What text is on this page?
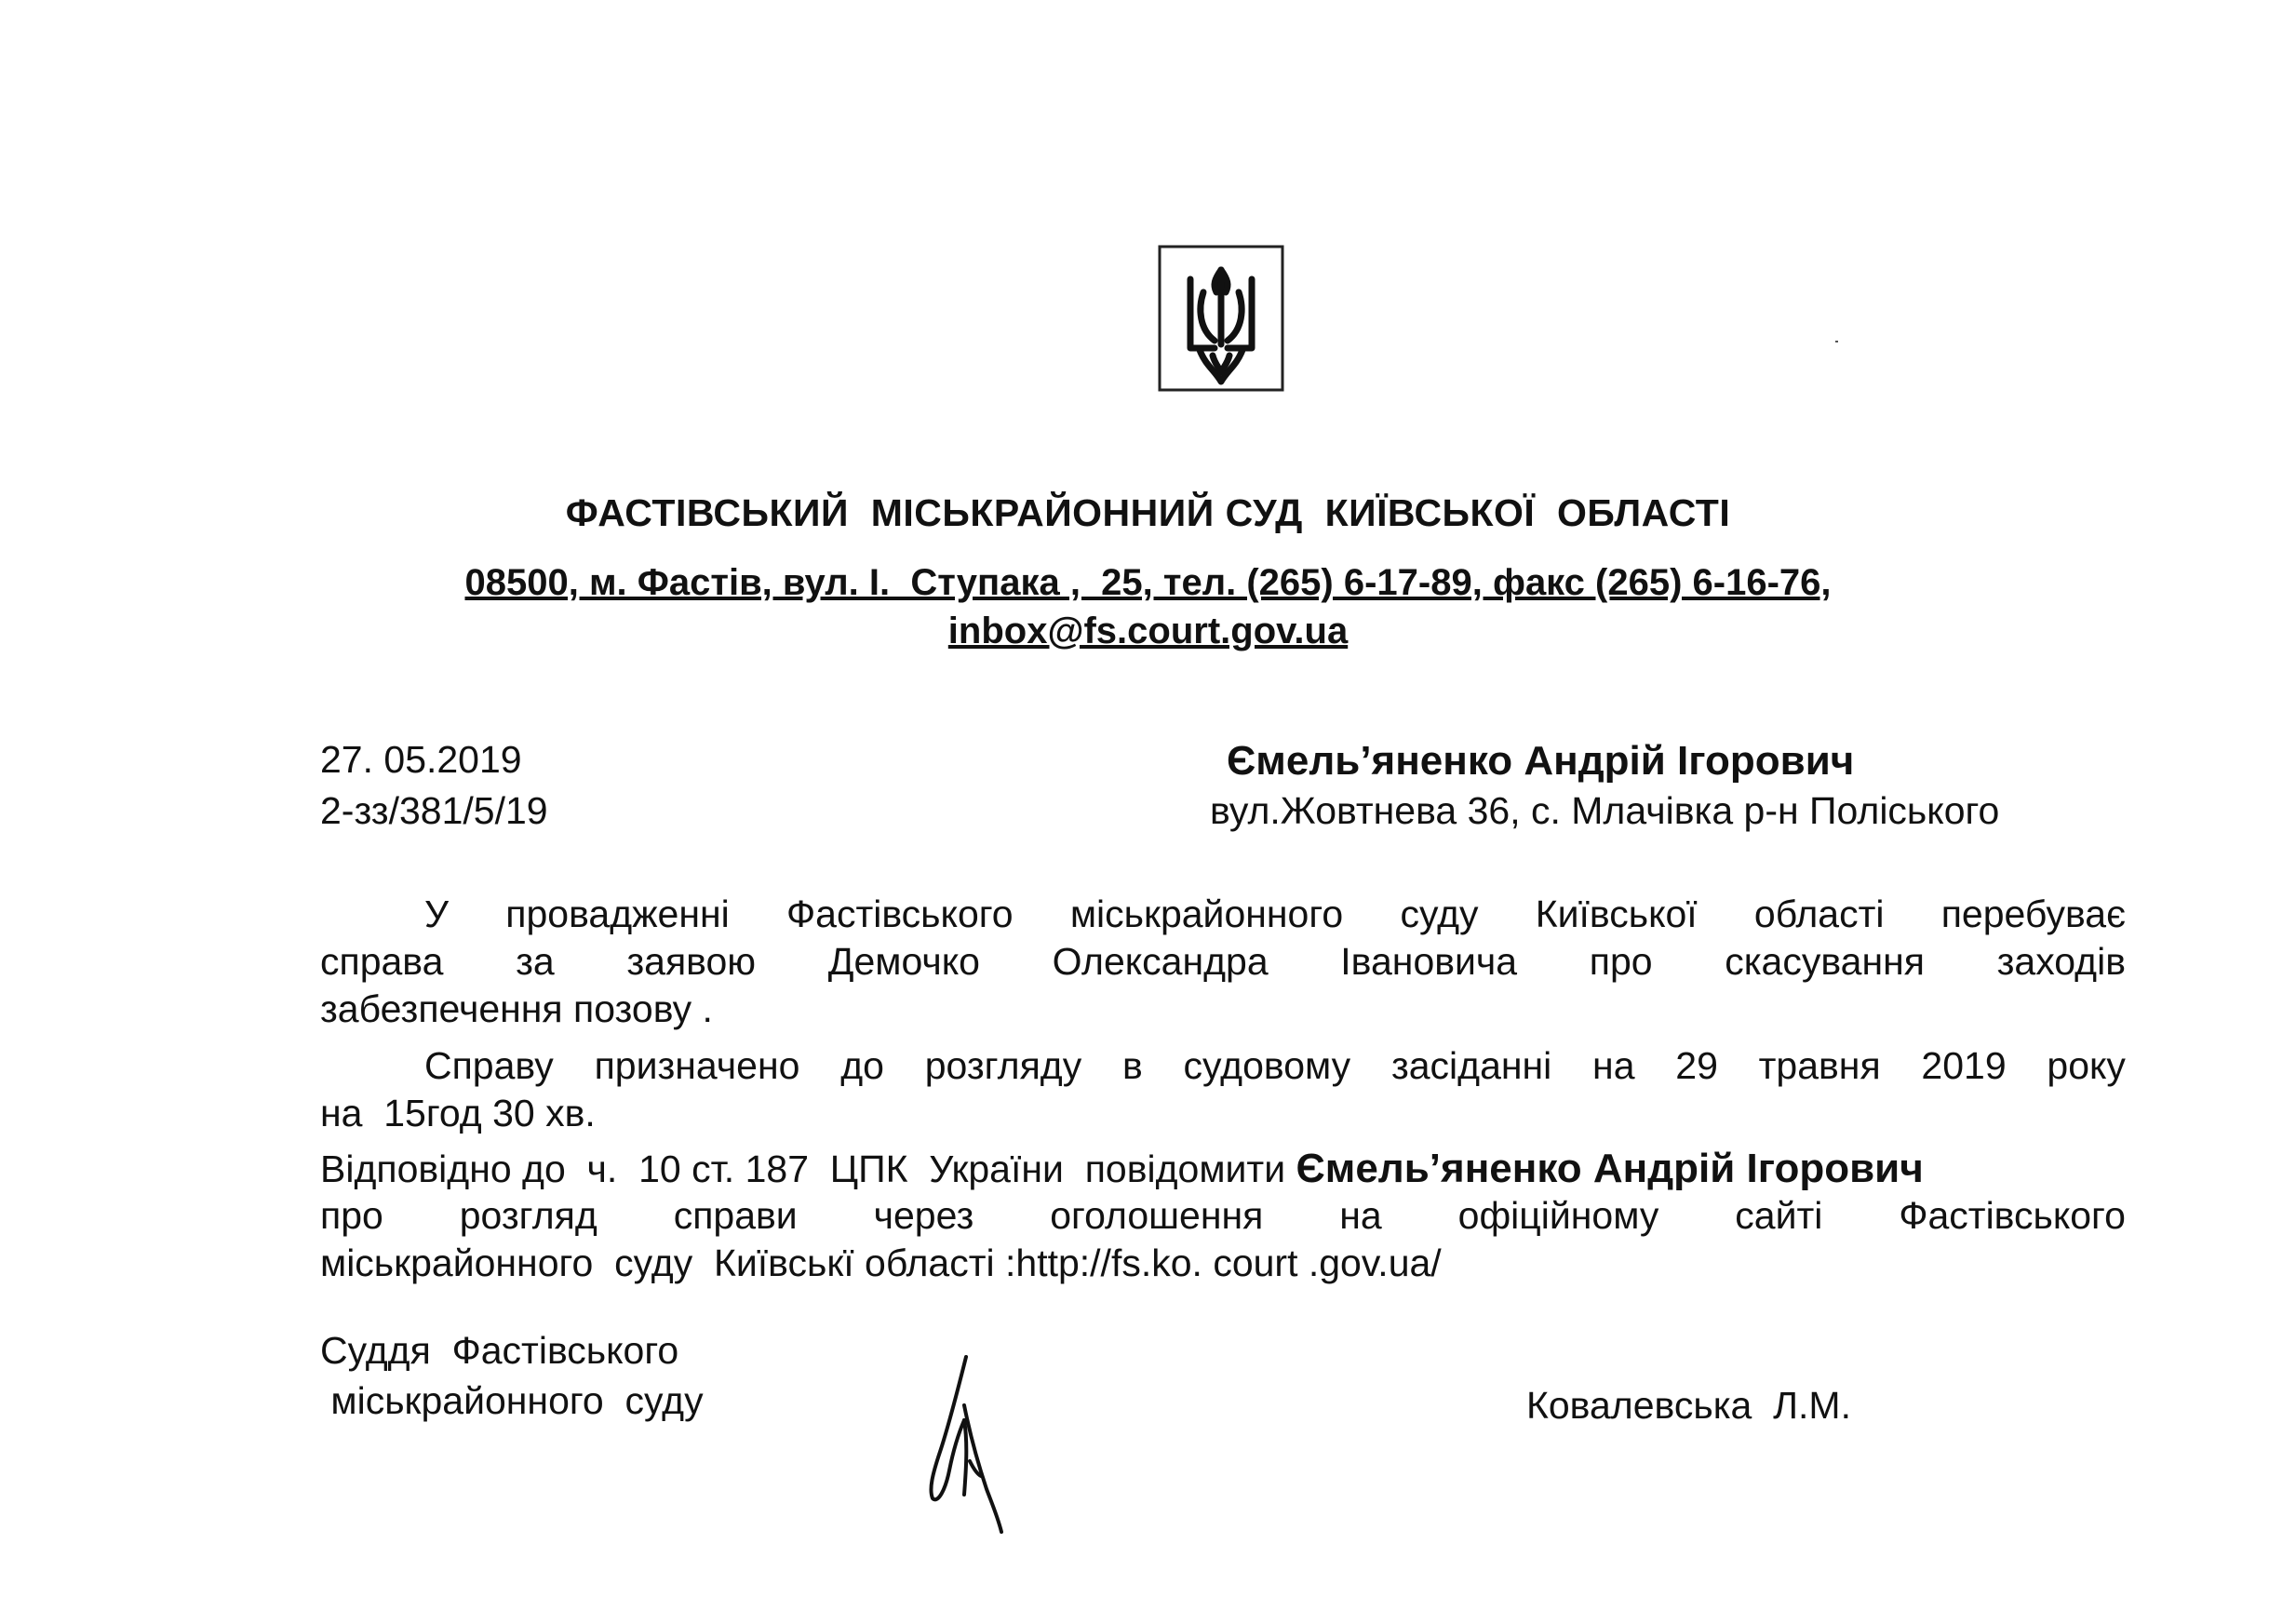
ФАСТІВСЬКИЙ  МІСЬКРАЙОННИЙ СУД  КИЇВСЬКОЇ  ОБЛАСТІ
08500, м. Фастів, вул. І.  Ступака ,  25, тел. (265) 6-17-89, факс (265) 6-16-76,
inbox@fs.court.gov.ua
27. 05.2019
2-зз/381/5/19
Ємель’яненко Андрій Ігорович
вул.Жовтнева 36, с. Млачівка р-н Поліського
У провадженні Фастівського міськрайонного суду Київської області перебуває
справа за заявою Демочко Олександра Івановича про скасування заходів
забезпечення позову .
Справу призначено до розгляду в судовому засіданні на 29 травня 2019 року
на  15год 30 хв.
Відповідно до  ч.  10 ст. 187  ЦПК  України  повідомити Ємель’яненко Андрій Ігорович
про розгляд справи через оголошення на офіційному сайті Фастівського
міськрайонного  суду  Київськї області :http://fs.ko. court .gov.ua/
Суддя  Фастівського
міськрайонного  суду	Ковалевська  Л.М.
